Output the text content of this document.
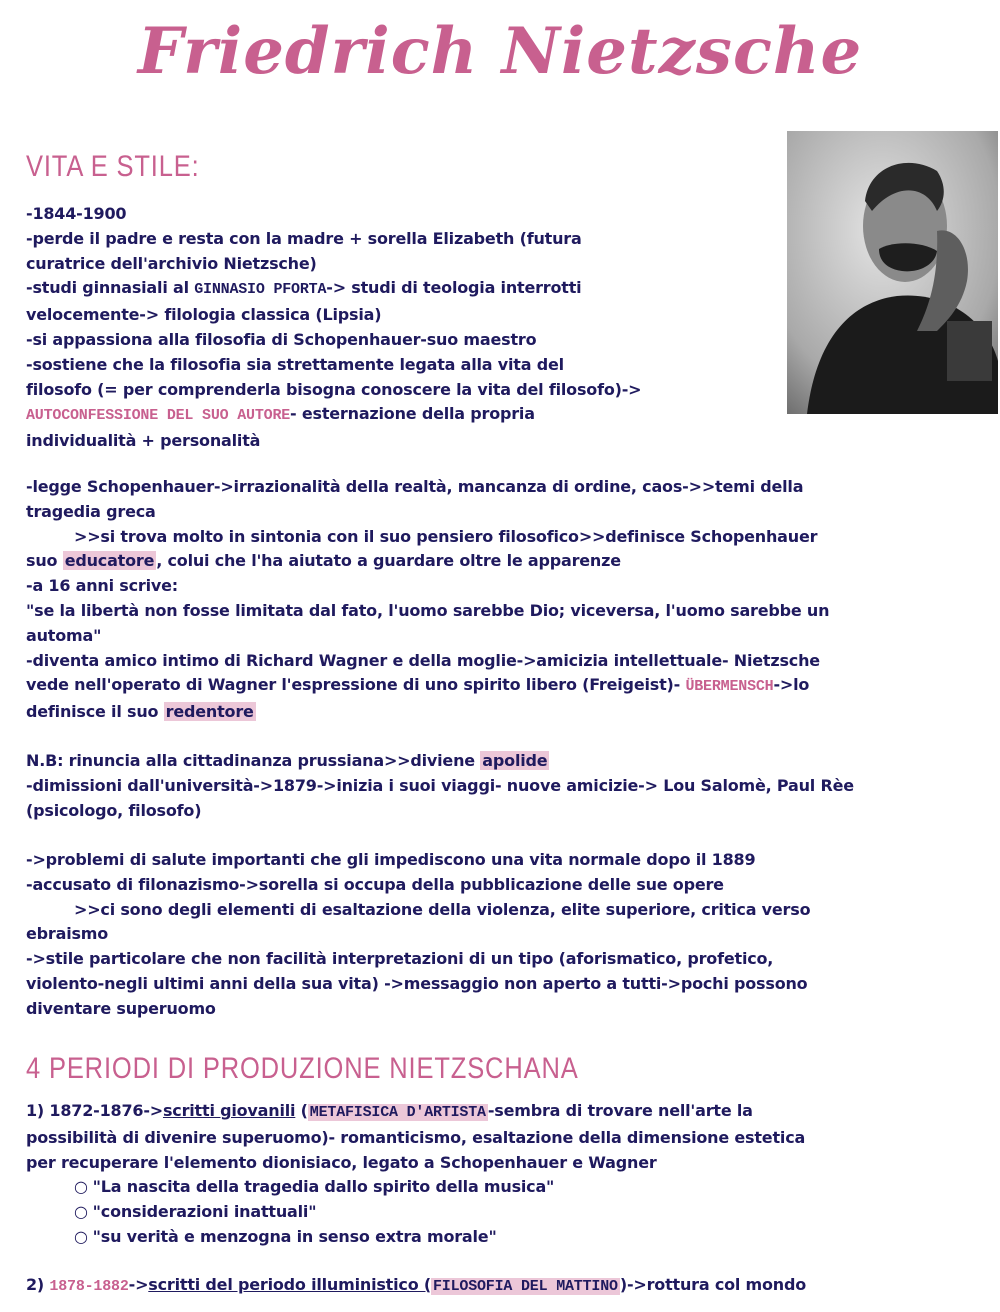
Friedrich Nietzsche
VITA E STILE:
-1844-1900
-perde il padre e resta con la madre + sorella Elizabeth (futura
curatrice dell'archivio Nietzsche)
-studi ginnasiali al GINNASIO PFORTA-> studi di teologia interrotti
velocemente-> filologia classica (Lipsia)
-si appassiona alla filosofia di Schopenhauer-suo maestro
-sostiene che la filosofia sia strettamente legata alla vita del
filosofo (= per comprenderla bisogna conoscere la vita del filosofo)->
AUTOCONFESSIONE DEL SUO AUTORE- esternazione della propria
individualità + personalità
-legge Schopenhauer->irrazionalità della realtà, mancanza di ordine, caos->>temi della
tragedia greca
>>si trova molto in sintonia con il suo pensiero filosofico>>definisce Schopenhauer
suo educatore , colui che l'ha aiutato a guardare oltre le apparenze
-a 16 anni scrive:
"se la libertà non fosse limitata dal fato, l'uomo sarebbe Dio; viceversa, l'uomo sarebbe un
automa"
-diventa amico intimo di Richard Wagner e della moglie->amicizia intellettuale- Nietzsche
vede nell'operato di Wagner l'espressione di uno spirito libero (Freigeist)- ÜBERMENSCH->lo
definisce il suo redentore
N.B: rinuncia alla cittadinanza prussiana>>diviene apolide
-dimissioni dall'università->1879->inizia i suoi viaggi- nuove amicizie-> Lou Salomè, Paul Rèe
(psicologo, filosofo)
->problemi di salute importanti che gli impediscono una vita normale dopo il 1889
-accusato di filonazismo->sorella si occupa della pubblicazione delle sue opere
>>ci sono degli elementi di esaltazione della violenza, elite superiore, critica verso
ebraismo
->stile particolare che non facilità interpretazioni di un tipo (aforismatico, profetico,
violento-negli ultimi anni della sua vita) ->messaggio non aperto a tutti->pochi possono
diventare superuomo
4 PERIODI DI PRODUZIONE NIETZSCHANA
1) 1872-1876->scritti giovanili ( METAFISICA D'ARTISTA -sembra di trovare nell'arte la
possibilità di divenire superuomo)- romanticismo, esaltazione della dimensione estetica
per recuperare l'elemento dionisiaco, legato a Schopenhauer e Wagner
○ "La nascita della tragedia dallo spirito della musica"
○ "considerazioni inattuali"
○ "su verità e menzogna in senso extra morale"
2) 1878-1882->scritti del periodo illuministico ( FILOSOFIA DEL MATTINO )->rottura col mondo
